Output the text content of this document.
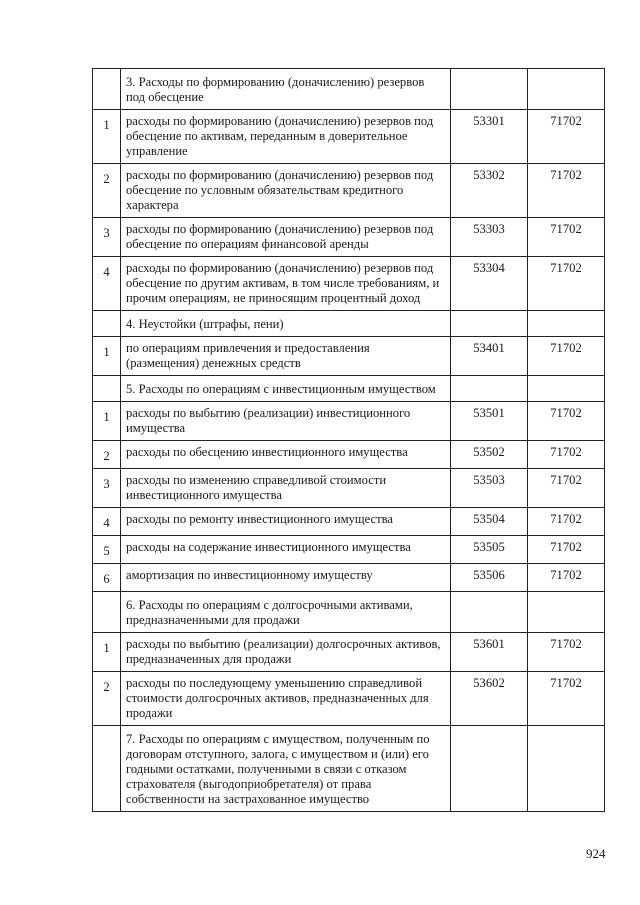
	3. Расходы по формированию (доначислению) резервов под обесцение		
1	расходы по формированию (доначислению) резервов под обесцение по активам, переданным в доверительное управление	53301	71702
2	расходы по формированию (доначислению) резервов под обесцение по условным обязательствам кредитного характера	53302	71702
3	расходы по формированию (доначислению) резервов под обесцение по операциям финансовой аренды	53303	71702
4	расходы по формированию (доначислению) резервов под обесцение по другим активам, в том числе требованиям, и прочим операциям, не приносящим процентный доход	53304	71702
	4. Неустойки (штрафы, пени)		
1	по операциям привлечения и предоставления (размещения) денежных средств	53401	71702
	5. Расходы по операциям с инвестиционным имуществом		
1	расходы по выбытию (реализации) инвестиционного имущества	53501	71702
2	расходы по обесцению инвестиционного имущества	53502	71702
3	расходы по изменению справедливой стоимости инвестиционного имущества	53503	71702
4	расходы по ремонту инвестиционного имущества	53504	71702
5	расходы на содержание инвестиционного имущества	53505	71702
6	амортизация по инвестиционному имуществу	53506	71702
	6. Расходы по операциям с долгосрочными активами, предназначенными для продажи		
1	расходы по выбытию (реализации) долгосрочных активов, предназначенных для продажи	53601	71702
2	расходы по последующему уменьшению справедливой стоимости долгосрочных активов, предназначенных для продажи	53602	71702
	7. Расходы по операциям с имуществом, полученным по договорам отступного, залога, с имуществом и (или) его годными остатками, полученными в связи с отказом страхователя (выгодоприобретателя) от права собственности на застрахованное имущество		
924
